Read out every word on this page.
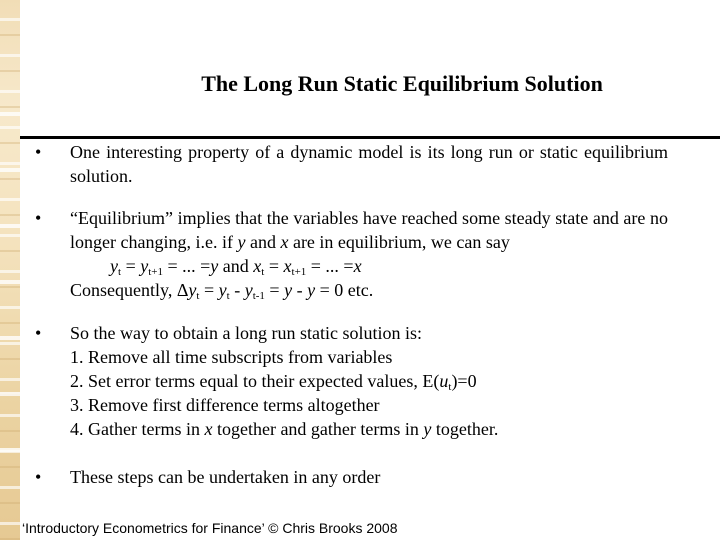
The Long Run Static Equilibrium Solution
• One interesting property of a dynamic model is its long run or static equilibrium solution.
• “Equilibrium” implies that the variables have reached some steady state and are no longer changing, i.e. if y and x are in equilibrium, we can say
$y_t = y_{t+1}$ = ... =y and $x_t = x_{t+1}$ = ... =x
Consequently, $\Delta y_t = y_t - y_{t-1} = y - y = 0$ etc.
• So the way to obtain a long run static solution is:
1. Remove all time subscripts from variables
2. Set error terms equal to their expected values, $E(u_t)=0$
3. Remove first difference terms altogether
4. Gather terms in x together and gather terms in y together.
• These steps can be undertaken in any order
‘Introductory Econometrics for Finance’ © Chris Brooks 2008
